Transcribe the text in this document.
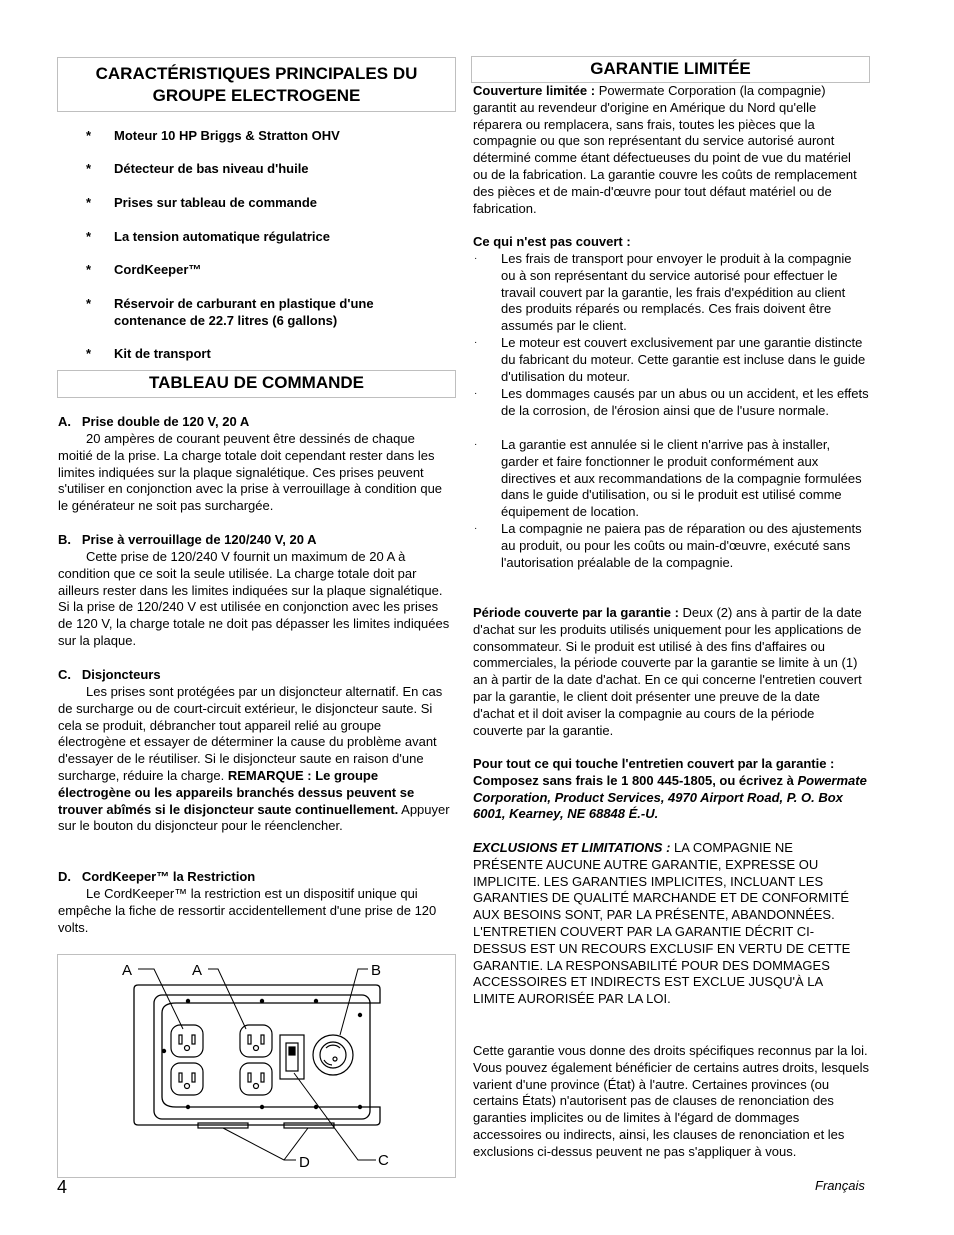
CARACTÉRISTIQUES PRINCIPALES DU
GROUPE ELECTROGENE
* Moteur 10 HP Briggs & Stratton OHV
* Détecteur de bas niveau d'huile
* Prises sur tableau de commande
* La tension automatique régulatrice
* CordKeeper™
* Réservoir de carburant en plastique d'une contenance de 22.7 litres (6 gallons)
* Kit de transport
TABLEAU DE COMMANDE
A.   Prise double de 120 V, 20 A
20 ampères de courant peuvent être dessinés de chaque moitié de la prise. La charge totale doit cependant rester dans les limites indiquées sur la plaque signalétique. Ces prises peuvent s'utiliser en conjonction avec la prise à verrouillage à condition que le générateur ne soit pas surchargée.
B.   Prise à verrouillage de 120/240 V, 20 A
Cette prise de 120/240 V fournit un maximum de 20 A à condition que ce soit la seule utilisée. La charge totale doit par ailleurs rester dans les limites indiquées sur la plaque signalétique. Si la prise de 120/240 V est utilisée en conjonction avec les prises de 120 V, la charge totale ne doit pas dépasser les limites indiquées sur la plaque.
C.   Disjoncteurs
Les prises sont protégées par un disjoncteur alternatif. En cas de surcharge ou de court-circuit extérieur, le disjoncteur saute. Si cela se produit, débrancher tout appareil relié au groupe électrogène et essayer de déterminer la cause du problème avant d'essayer de le réutiliser. Si le disjoncteur saute en raison d'une surcharge, réduire la charge. REMARQUE : Le groupe électrogène ou les appareils branchés dessus peuvent se trouver abîmés si le disjoncteur saute continuellement. Appuyer sur le bouton du disjoncteur pour le réenclencher.
D.   CordKeeper™ la Restriction
Le CordKeeper™ la restriction est un dispositif unique qui empêche la fiche de ressortir accidentellement d'une prise de 120 volts.
A	A	B
C
D
GARANTIE LIMITÉE
Couverture limitée : Powermate Corporation (la compagnie) garantit au revendeur d'origine en Amérique du Nord qu'elle réparera ou remplacera, sans frais, toutes les pièces que la compagnie ou que son représentant du service autorisé auront déterminé comme étant défectueuses du point de vue du matériel ou de la fabrication. La garantie couvre les coûts de remplacement des pièces et de main-d'œuvre pour tout défaut matériel ou de fabrication.
Ce qui n'est pas couvert :
· Les frais de transport pour envoyer le produit à la compagnie ou à son représentant du service autorisé pour effectuer le travail couvert par la garantie, les frais d'expédition au client des produits réparés ou remplacés. Ces frais doivent être assumés par le client.
· Le moteur est couvert exclusivement par une garantie distincte du fabricant du moteur. Cette garantie est incluse dans le guide d'utilisation du moteur.
· Les dommages causés par un abus ou un accident, et les effets de la corrosion, de l'érosion ainsi que de l'usure normale.
· La garantie est annulée si le client n'arrive pas à installer, garder et faire fonctionner le produit conformément aux directives et aux recommandations de la compagnie formulées dans le guide d'utilisation, ou si le produit est utilisé comme équipement de location.
· La compagnie ne paiera pas de réparation ou des ajustements au produit, ou pour les coûts ou main-d'œuvre, exécuté sans l'autorisation préalable de la compagnie.
Période couverte par la garantie : Deux (2) ans à partir de la date d'achat sur les produits utilisés uniquement pour les applications de consommateur. Si le produit est utilisé à des fins d'affaires ou commerciales, la période couverte par la garantie se limite à un (1) an à partir de la date d'achat. En ce qui concerne l'entretien couvert par la garantie, le client doit présenter une preuve de la date d'achat et il doit aviser la compagnie au cours de la période couverte par la garantie.
Pour tout ce qui touche l'entretien couvert par la garantie : Composez sans frais le 1 800 445-1805, ou écrivez à Powermate Corporation, Product Services, 4970 Airport Road, P. O. Box 6001, Kearney, NE 68848 É.-U.
EXCLUSIONS ET LIMITATIONS : LA COMPAGNIE NE PRÉSENTE AUCUNE AUTRE GARANTIE, EXPRESSE OU IMPLICITE. LES GARANTIES IMPLICITES, INCLUANT LES GARANTIES DE QUALITÉ MARCHANDE ET DE CONFORMITÉ AUX BESOINS SONT, PAR LA PRÉSENTE, ABANDONNÉES. L'ENTRETIEN COUVERT PAR LA GARANTIE DÉCRIT CI-DESSUS EST UN RECOURS EXCLUSIF EN VERTU DE CETTE GARANTIE. LA RESPONSABILITÉ POUR DES DOMMAGES ACCESSOIRES ET INDIRECTS EST EXCLUE JUSQU'À LA LIMITE AURORISÉE PAR LA LOI.
Cette garantie vous donne des droits spécifiques reconnus par la loi. Vous pouvez également bénéficier de certains autres droits, lesquels varient d'une province (État) à l'autre. Certaines provinces (ou certains États) n'autorisent pas de clauses de renonciation des garanties implicites ou de limites à l'égard de dommages accessoires ou indirects, ainsi, les clauses de renonciation et les exclusions ci-dessus peuvent ne pas s'appliquer à vous.
4	Français
